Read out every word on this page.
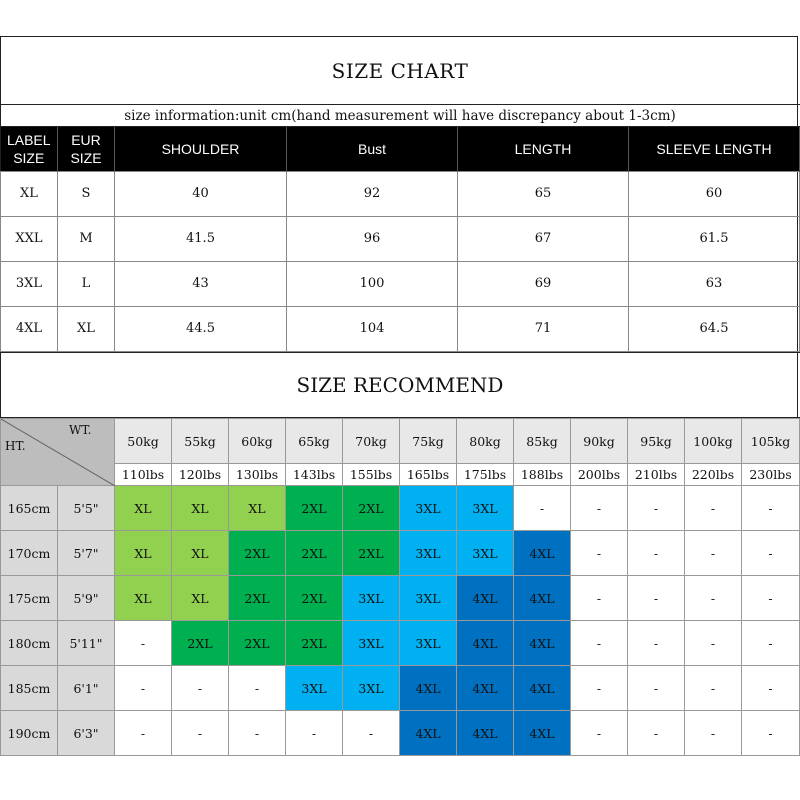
SIZE CHART
size information:unit cm(hand measurement will have discrepancy about 1-3cm)
LABEL SIZE	EUR SIZE	SHOULDER	Bust	LENGTH	SLEEVE LENGTH
XL	S	40	92	65	60
XXL	M	41.5	96	67	61.5
3XL	L	43	100	69	63
4XL	XL	44.5	104	71	64.5
SIZE RECOMMEND
WT.
HT.		50kg	55kg	60kg	65kg	70kg	75kg	80kg	85kg	90kg	95kg	100kg	105kg
		110lbs	120lbs	130lbs	143lbs	155lbs	165lbs	175lbs	188lbs	200lbs	210lbs	220lbs	230lbs
165cm	5'5"	XL	XL	XL	2XL	2XL	3XL	3XL	-	-	-	-	-
170cm	5'7"	XL	XL	2XL	2XL	2XL	3XL	3XL	4XL	-	-	-	-
175cm	5'9"	XL	XL	2XL	2XL	3XL	3XL	4XL	4XL	-	-	-	-
180cm	5'11"	-	2XL	2XL	2XL	3XL	3XL	4XL	4XL	-	-	-	-
185cm	6'1"	-	-	-	3XL	3XL	4XL	4XL	4XL	-	-	-	-
190cm	6'3"	-	-	-	-	-	4XL	4XL	4XL	-	-	-	-
